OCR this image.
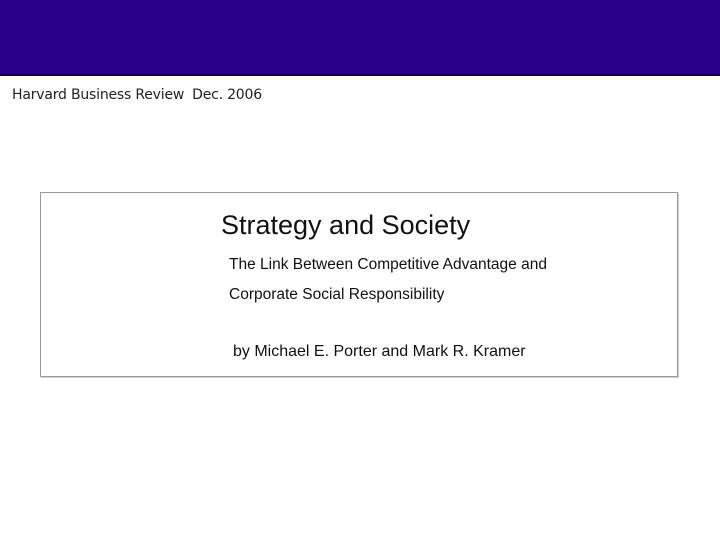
Harvard Business Review Dec. 2006
Strategy and Society
The Link Between Competitive Advantage and
Corporate Social Responsibility
by Michael E. Porter and Mark R. Kramer
